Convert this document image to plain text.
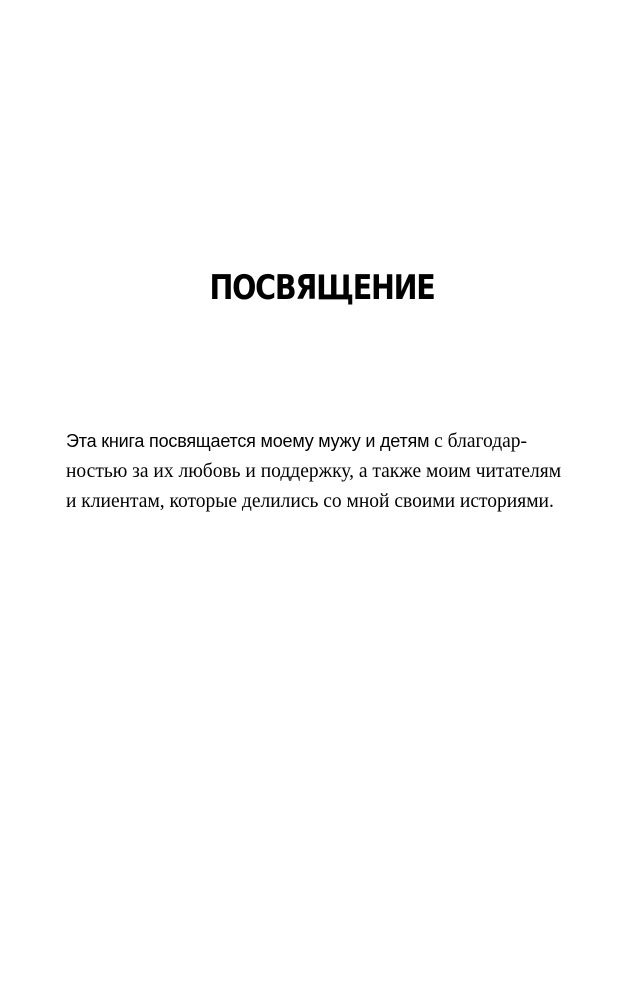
ПОСВЯЩЕНИЕ

Эта книга посвящается моему мужу и детям с благодар-
ностью за их любовь и поддержку, а также моим читателям
и клиентам, которые делились со мной своими историями.
